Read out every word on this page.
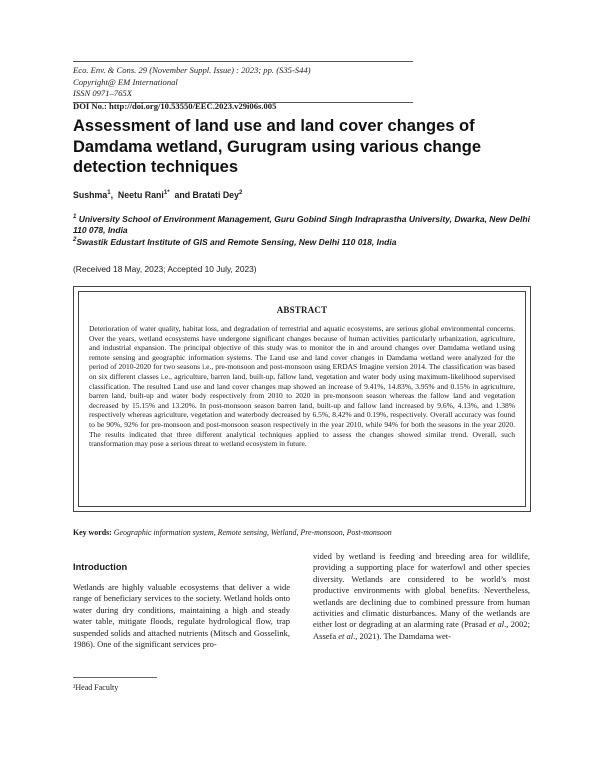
Eco. Env. & Cons. 29 (November Suppl. Issue) : 2023; pp. (S35-S44)
Copyright@ EM International
ISSN 0971–765X
DOI No.: http://doi.org/10.53550/EEC.2023.v29i06s.005
Assessment of land use and land cover changes of Damdama wetland, Gurugram using various change detection techniques
Sushma$^1$,  Neetu Rani$^{1*}$ and Bratati Dey$^2$
$^1$ University School of Environment Management, Guru Gobind Singh Indraprastha University, Dwarka, New Delhi 110 078, India
$^2$Swastik Edustart Institute of GIS and Remote Sensing, New Delhi 110 018, India
(Received 18 May, 2023; Accepted 10 July, 2023)
ABSTRACT
Deterioration of water quality, habitat loss, and degradation of terrestrial and aquatic ecosystems, are serious global environmental concerns. Over the years, wetland ecosystems have undergone significant changes because of human activities particularly urbanization, agriculture, and industrial expansion. The principal objective of this study was to monitor the in and around changes over Damdama wetland using remote sensing and geographic information systems. The Land use and land cover changes in Damdama wetland were analyzed for the period of 2010-2020 for two seasons i.e., pre-monsoon and post-monsoon using ERDAS Imagine version 2014. The classification was based on six different classes i.e., agriculture, barren land, built-up, fallow land, vegetation and water body using maximum-likelihood supervised classification. The resulted Land use and land cover changes map showed an increase of 9.41%, 14.83%, 3.95% and 0.15% in agriculture, barren land, built-up and water body respectively from 2010 to 2020 in pre-monsoon season whereas the fallow land and vegetation decreased by 15.15% and 13.20%. In post-monsoon season barren land, built-up and fallow land increased by 9.6%, 4.13%, and 1.38% respectively whereas agriculture, vegetation and waterbody decreased by 6.5%, 8.42% and 0.19%, respectively. Overall accuracy was found to be 90%, 92% for pre-monsoon and post-monsoon season respectively in the year 2010, while 94% for both the seasons in the year 2020. The results indicated that three different analytical techniques applied to assess the changes showed similar trend. Overall, such transformation may pose a serious threat to wetland ecosystem in future.
Key words: Geographic information system, Remote sensing, Wetland, Pre-monsoon, Post-monsoon
Introduction
Wetlands are highly valuable ecosystems that deliver a wide range of beneficiary services to the society. Wetland holds onto water during dry conditions, maintaining a high and steady water table, mitigate floods, regulate hydrological flow, trap suspended solids and attached nutrients (Mitsch and Gosselink, 1986). One of the significant services pro-
vided by wetland is feeding and breeding area for wildlife, providing a supporting place for waterfowl and other species diversity. Wetlands are considered to be world’s most productive environments with global benefits. Nevertheless, wetlands are declining due to combined pressure from human activities and climatic disturbances. Many of the wetlands are either lost or degrading at an alarming rate (Prasad et al., 2002; Assefa et al., 2021). The Damdama wet-
²Head Faculty
